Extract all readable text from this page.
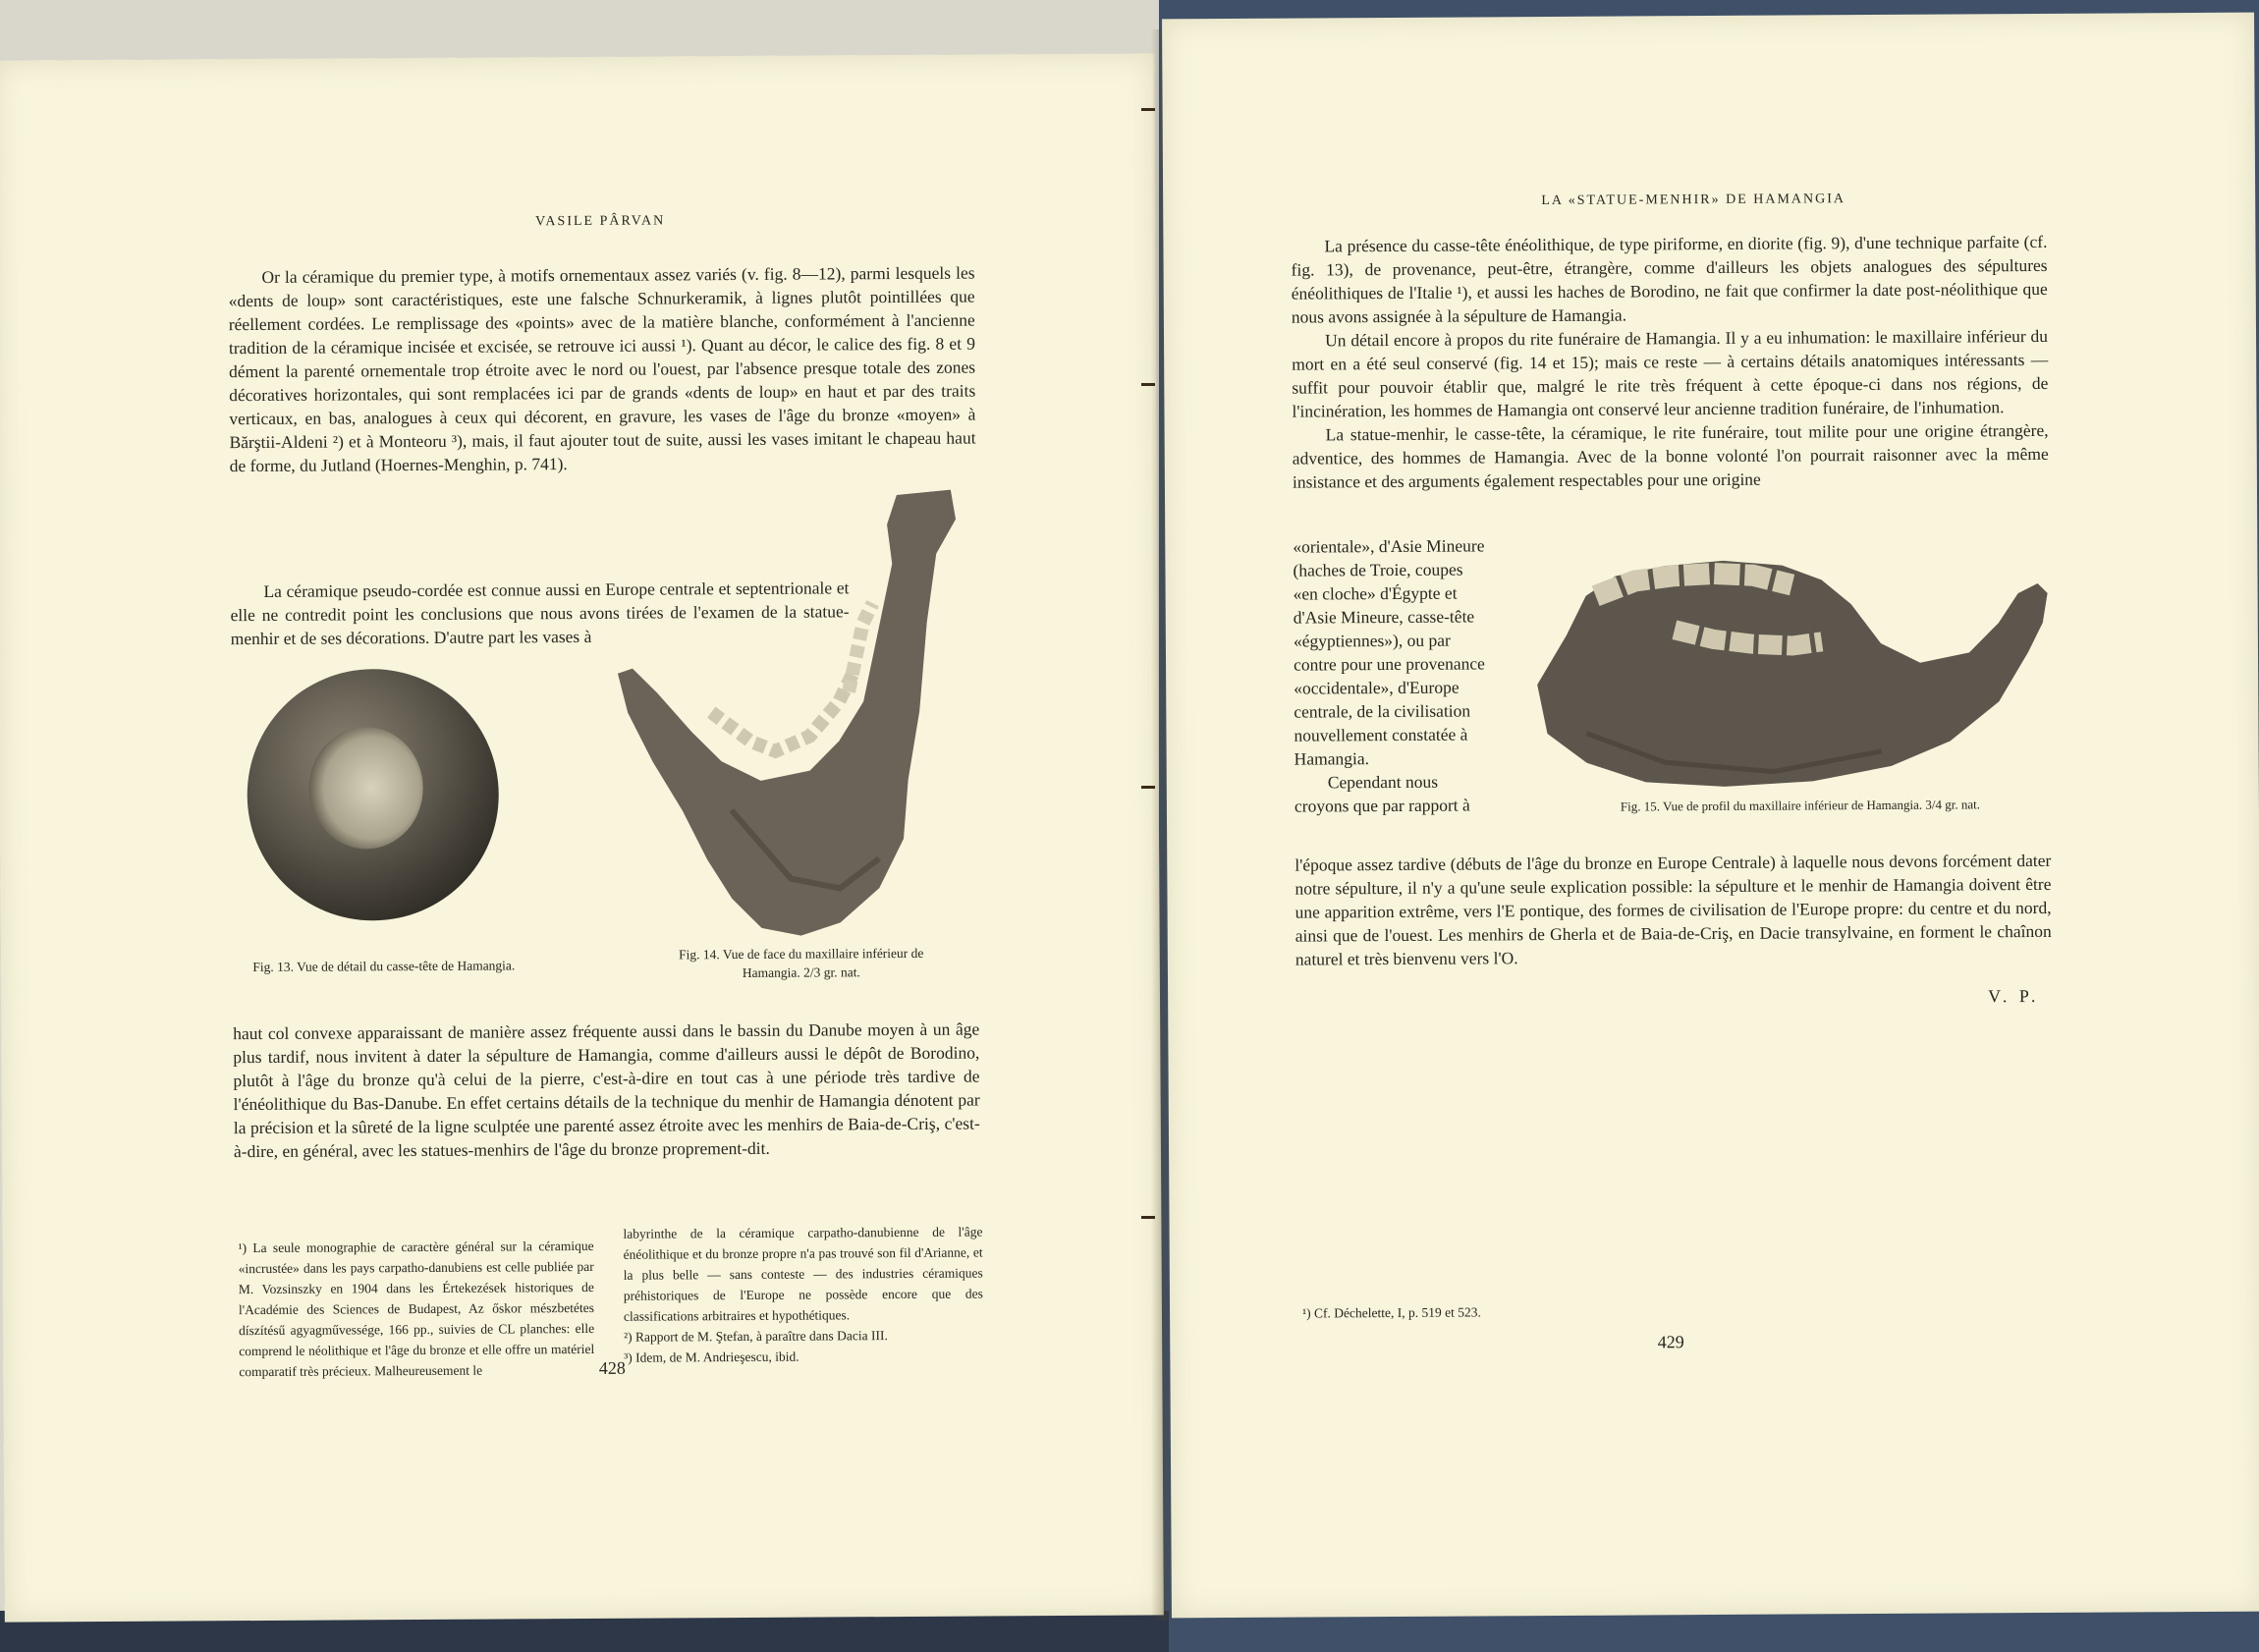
VASILE PÂRVAN

Or la céramique du premier type, à motifs ornementaux assez variés (v. fig. 8—12), parmi lesquels les «dents de loup» sont caractéristiques, este une falsche Schnurkeramik, à lignes plutôt pointillées que réellement cordées. Le remplissage des «points» avec de la matière blanche, conformément à l'ancienne tradition de la céramique incisée et excisée, se retrouve ici aussi ¹). Quant au décor, le calice des fig. 8 et 9 dément la parenté ornementale trop étroite avec le nord ou l'ouest, par l'absence presque totale des zones décoratives horizontales, qui sont remplacées ici par de grands «dents de loup» en haut et par des traits verticaux, en bas, analogues à ceux qui décorent, en gravure, les vases de l'âge du bronze «moyen» à Bărştii-Aldeni ²) et à Monteoru ³), mais, il faut ajouter tout de suite, aussi les vases imitant le chapeau haut de forme, du Jutland (Hoernes-Menghin, p. 741).

La céramique pseudo-cordée est connue aussi en Europe centrale et septentrionale et elle ne contredit point les conclusions que nous avons tirées de l'examen de la statue-menhir et de ses décorations. D'autre part les vases à

Fig. 13. Vue de détail du casse-tête de Hamangia.
Fig. 14. Vue de face du maxillaire inférieur de Hamangia. 2/3 gr. nat.

haut col convexe apparaissant de manière assez fréquente aussi dans le bassin du Danube moyen à un âge plus tardif, nous invitent à dater la sépulture de Hamangia, comme d'ailleurs aussi le dépôt de Borodino, plutôt à l'âge du bronze qu'à celui de la pierre, c'est-à-dire en tout cas à une période très tardive de l'énéolithique du Bas-Danube. En effet certains détails de la technique du menhir de Hamangia dénotent par la précision et la sûreté de la ligne sculptée une parenté assez étroite avec les menhirs de Baia-de-Criş, c'est-à-dire, en général, avec les statues-menhirs de l'âge du bronze proprement-dit.

¹) La seule monographie de caractère général sur la céramique «incrustée» dans les pays carpatho-danubiens est celle publiée par M. Vozsinszky en 1904 dans les Értekezések historiques de l'Académie des Sciences de Budapest, Az őskor mészbetétes díszítésű agyagművessége, 166 pp., suivies de CL planches: elle comprend le néolithique et l'âge du bronze et elle offre un matériel comparatif très précieux. Malheureusement le

labyrinthe de la céramique carpatho-danubienne de l'âge énéolithique et du bronze propre n'a pas trouvé son fil d'Arianne, et la plus belle — sans conteste — des industries céramiques préhistoriques de l'Europe ne possède encore que des classifications arbitraires et hypothétiques.

²) Rapport de M. Ştefan, à paraître dans Dacia III.

³) Idem, de M. Andrieşescu, ibid.

428
LA «STATUE-MENHIR» DE HAMANGIA

La présence du casse-tête énéolithique, de type piriforme, en diorite (fig. 9), d'une technique parfaite (cf. fig. 13), de provenance, peut-être, étrangère, comme d'ailleurs les objets analogues des sépultures énéolithiques de l'Italie ¹), et aussi les haches de Borodino, ne fait que confirmer la date post-néolithique que nous avons assignée à la sépulture de Hamangia.

Un détail encore à propos du rite funéraire de Hamangia. Il y a eu inhumation: le maxillaire inférieur du mort en a été seul conservé (fig. 14 et 15); mais ce reste — à certains détails anatomiques intéressants — suffit pour pouvoir établir que, malgré le rite très fréquent à cette époque-ci dans nos régions, de l'incinération, les hommes de Hamangia ont conservé leur ancienne tradition funéraire, de l'inhumation.

La statue-menhir, le casse-tête, la céramique, le rite funéraire, tout milite pour une origine étrangère, adventice, des hommes de Hamangia. Avec de la bonne volonté l'on pourrait raisonner avec la même insistance et des arguments également respectables pour une origine

«orientale», d'Asie Mineure (haches de Troie, coupes «en cloche» d'Égypte et d'Asie Mineure, casse-tête «égyptiennes»), ou par contre pour une provenance «occidentale», d'Europe centrale, de la civilisation nouvellement constatée à Hamangia.

Cependant nous croyons que par rapport à	Fig. 15. Vue de profil du maxillaire inférieur de Hamangia. 3/4 gr. nat.

l'époque assez tardive (débuts de l'âge du bronze en Europe Centrale) à laquelle nous devons forcément dater notre sépulture, il n'y a qu'une seule explication possible: la sépulture et le menhir de Hamangia doivent être une apparition extrême, vers l'E pontique, des formes de civilisation de l'Europe propre: du centre et du nord, ainsi que de l'ouest. Les menhirs de Gherla et de Baia-de-Criş, en Dacie transylvaine, en forment le chaînon naturel et très bienvenu vers l'O.

V. P.

¹) Cf. Déchelette, I, p. 519 et 523.

429
